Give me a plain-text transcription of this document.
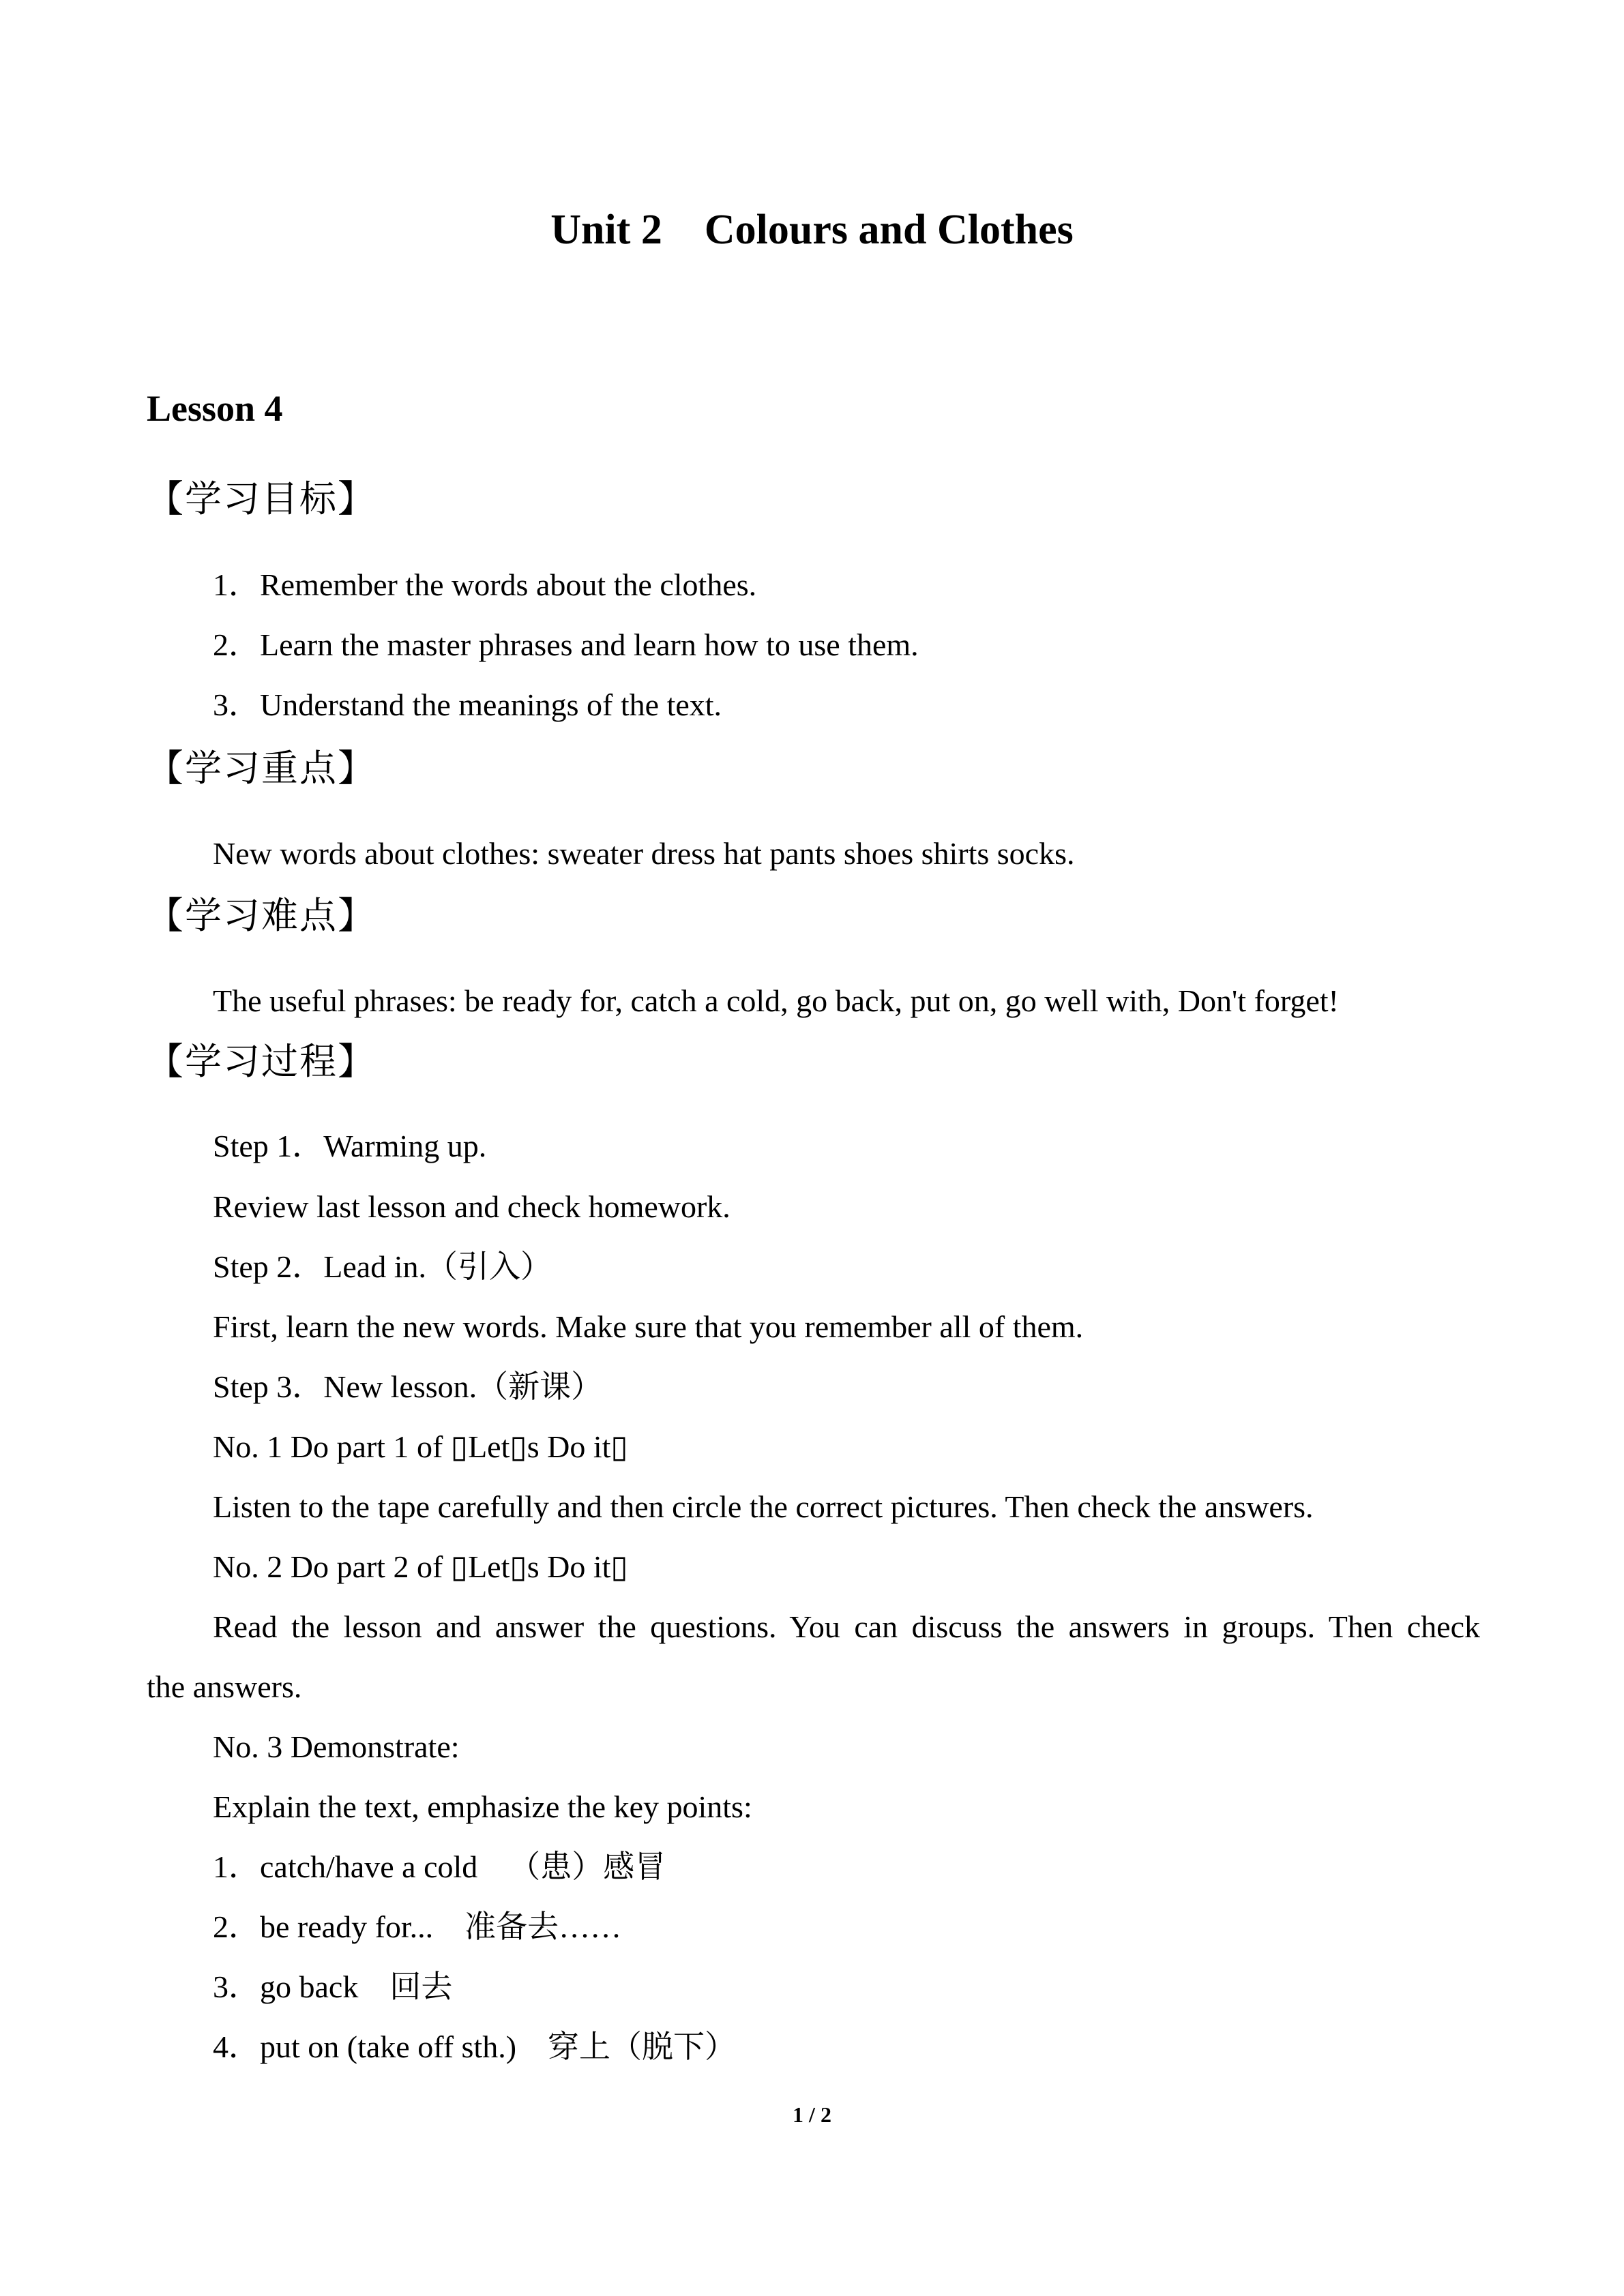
Unit 2    Colours and Clothes
Lesson 4
【学习目标】
1．Remember the words about the clothes.
2．Learn the master phrases and learn how to use them.
3．Understand the meanings of the text.
【学习重点】
New words about clothes: sweater dress hat pants shoes shirts socks.
【学习难点】
The useful phrases: be ready for, catch a cold, go back, put on, go well with, Don't forget!
【学习过程】
Step 1．Warming up.
Review last lesson and check homework.
Step 2．Lead in.（引入）
First, learn the new words. Make sure that you remember all of them.
Step 3．New lesson.（新课）
No. 1 Do part 1 of ▯Let▯s Do it▯
Listen to the tape carefully and then circle the correct pictures. Then check the answers.
No. 2 Do part 2 of ▯Let▯s Do it▯
Read the lesson and answer the questions. You can discuss the answers in groups. Then check
the answers.
No. 3 Demonstrate:
Explain the text, emphasize the key points:
1．catch/have a cold    （患）感冒
2．be ready for...    准备去……
3．go back    回去
4．put on (take off sth.)    穿上（脱下）
1 / 2
